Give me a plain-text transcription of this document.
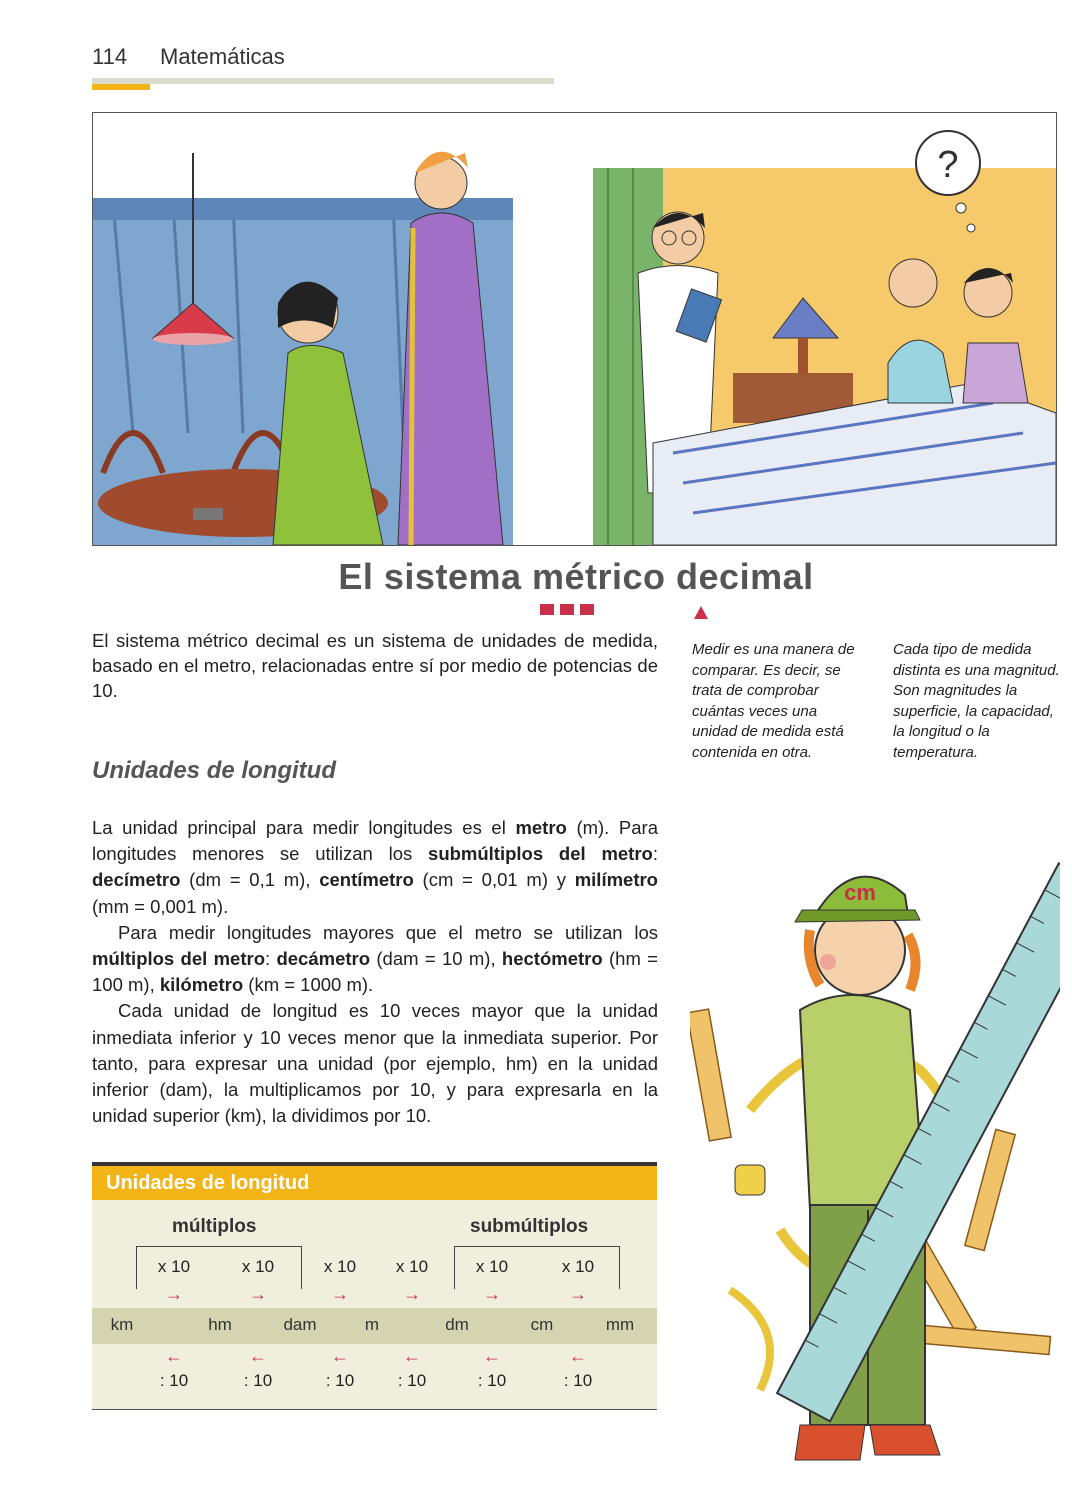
114 Matemáticas
?
El sistema métrico decimal
El sistema métrico decimal es un sistema de unidades de medida, basado en el metro, relacionadas entre sí por medio de potencias de 10.
Medir es una manera de comparar. Es decir, se trata de comprobar cuántas veces una unidad de medida está contenida en otra.
Cada tipo de medida distinta es una magnitud. Son magnitudes la superficie, la capacidad, la longitud o la temperatura.
Unidades de longitud

La unidad principal para medir longitudes es el metro (m). Para longitudes menores se utilizan los submúltiplos del metro: decímetro (dm = 0,1 m), centímetro (cm = 0,01 m) y milímetro (mm = 0,001 m).

Para medir longitudes mayores que el metro se utilizan los múltiplos del metro: decámetro (dam = 10 m), hectómetro (hm = 100 m), kilómetro (km = 1000 m).

Cada unidad de longitud es 10 veces mayor que la unidad inmediata inferior y 10 veces menor que la inmediata superior. Por tanto, para expresar una unidad (por ejemplo, hm) en la unidad inferior (dam), la multiplicamos por 10, y para expresarla en la unidad superior (km), la dividimos por 10.

Unidades de longitud
múltiplos	submúltiplos
x 10	x 10	x 10	x 10	x 10	x 10
→	→	→	→	→	→
km	hm	dam	m	dm	cm	mm
←	←	←	←	←	←
: 10	: 10	: 10	: 10	: 10	: 10
cm
